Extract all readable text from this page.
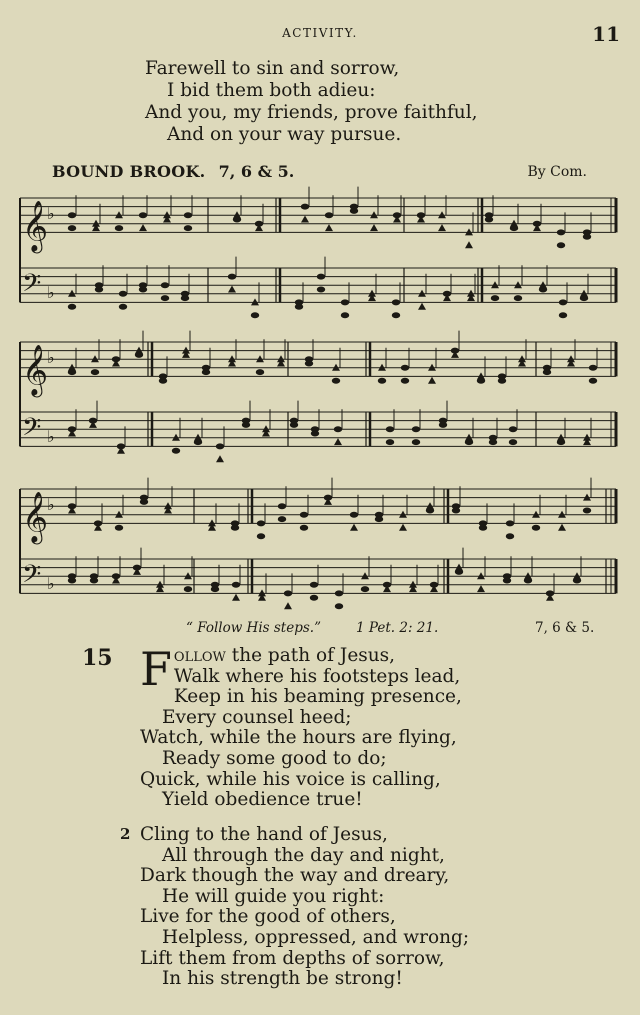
ACTIVITY.	11
Farewell to sin and sorrow,
I bid them both adieu:
And you, my friends, prove faithful,
And on your way pursue.
BOUND BROOK. 7, 6 & 5.	By Com.
𝄞
♭
𝄢 ♭
𝄞
♭
𝄢 ♭
𝄞
♭
𝄢 ♭
“ Follow His steps.”	1 Pet. 2: 21.	7, 6 & 5.
15 Follow the path of Jesus,
Walk where his footsteps lead,
Keep in his beaming presence,
Every counsel heed;
Watch, while the hours are flying,
Ready some good to do;
Quick, while his voice is calling,
Yield obedience true!
2 Cling to the hand of Jesus,
All through the day and night,
Dark though the way and dreary,
He will guide you right:
Live for the good of others,
Helpless, oppressed, and wrong;
Lift them from depths of sorrow,
In his strength be strong!
